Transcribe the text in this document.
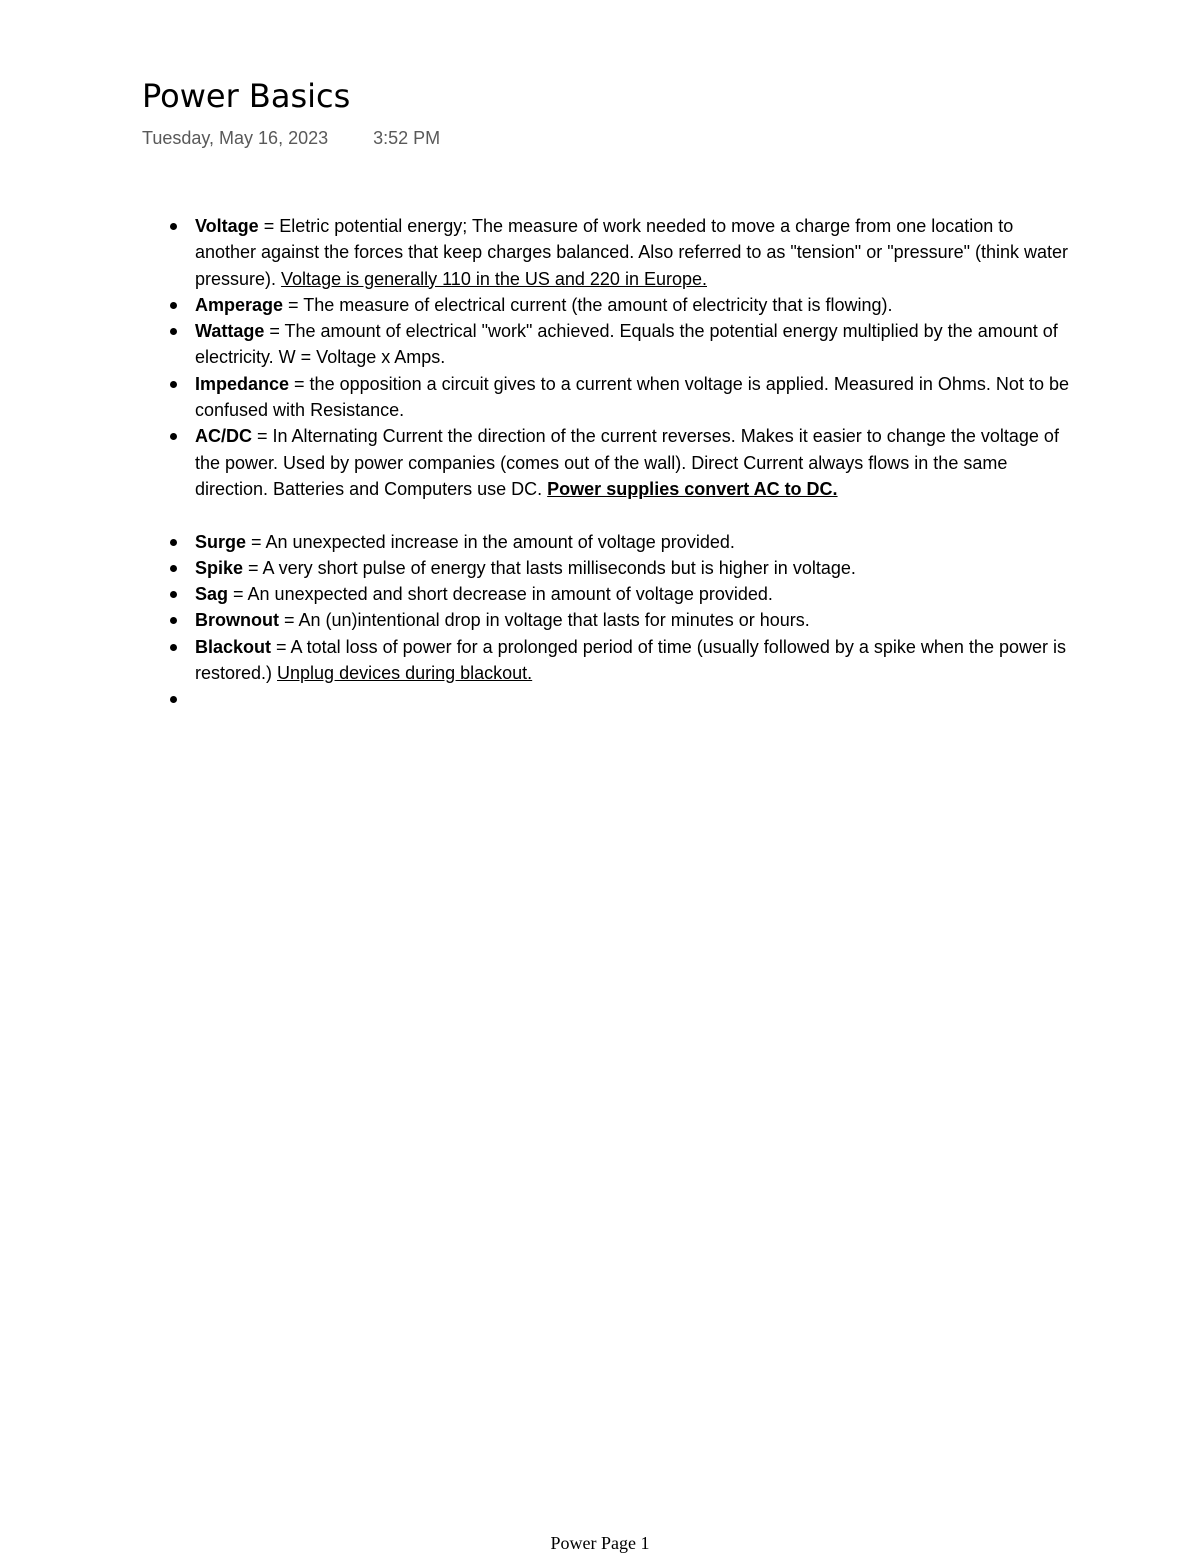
Power Basics
Tuesday, May 16, 2023	3:52 PM
Voltage = Eletric potential energy; The measure of work needed to move a charge from one location to another against the forces that keep charges balanced. Also referred to as "tension" or "pressure" (think water pressure). Voltage is generally 110 in the US and 220 in Europe.
Amperage = The measure of electrical current (the amount of electricity that is flowing).
Wattage = The amount of electrical "work" achieved. Equals the potential energy multiplied by the amount of electricity. W = Voltage x Amps.
Impedance = the opposition a circuit gives to a current when voltage is applied. Measured in Ohms. Not to be confused with Resistance.
AC/DC = In Alternating Current the direction of the current reverses. Makes it easier to change the voltage of the power. Used by power companies (comes out of the wall). Direct Current always flows in the same direction. Batteries and Computers use DC. Power supplies convert AC to DC.
Surge = An unexpected increase in the amount of voltage provided.
Spike = A very short pulse of energy that lasts milliseconds but is higher in voltage.
Sag = An unexpected and short decrease in amount of voltage provided.
Brownout = An (un)intentional drop in voltage that lasts for minutes or hours.
Blackout = A total loss of power for a prolonged period of time (usually followed by a spike when the power is restored.) Unplug devices during blackout.
Power Page 1
